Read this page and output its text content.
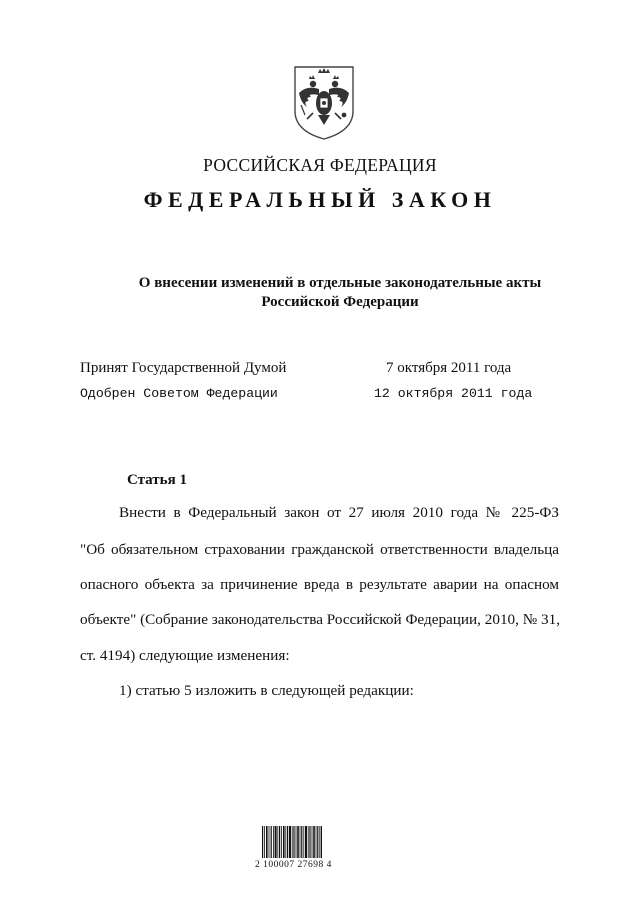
РОССИЙСКАЯ ФЕДЕРАЦИЯ
ФЕДЕРАЛЬНЫЙ ЗАКОН
О внесении изменений в отдельные законодательные акты Российской Федерации
Принят Государственной Думой	7 октября 2011 года
Одобрен Советом Федерации	12 октября 2011 года
Статья 1
Внести в Федеральный закон от 27 июля 2010 года № 225-ФЗ
"Об обязательном страховании гражданской ответственности владельца
опасного объекта за причинение вреда в результате аварии на опасном
объекте" (Собрание законодательства Российской Федерации, 2010, № 31,
ст. 4194) следующие изменения:
1) статью 5 изложить в следующей редакции:
2 100007 27698 4
